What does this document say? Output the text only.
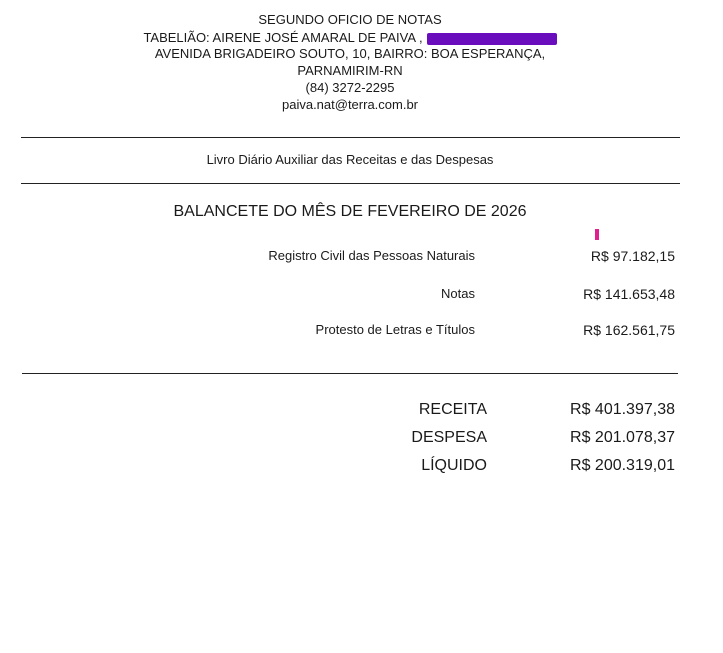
SEGUNDO OFICIO DE NOTAS
TABELIÃO: AIRENE JOSÉ AMARAL DE PAIVA ,
AVENIDA BRIGADEIRO SOUTO, 10, BAIRRO: BOA ESPERANÇA,
PARNAMIRIM-RN
(84) 3272-2295
paiva.nat@terra.com.br
Livro Diário Auxiliar das Receitas e das Despesas
BALANCETE DO MÊS DE FEVEREIRO DE 2026
Registro Civil das Pessoas Naturais	R$ 97.182,15
Notas	R$ 141.653,48
Protesto de Letras e Títulos	R$ 162.561,75
RECEITA	R$ 401.397,38
DESPESA	R$ 201.078,37
LÍQUIDO	R$ 200.319,01
